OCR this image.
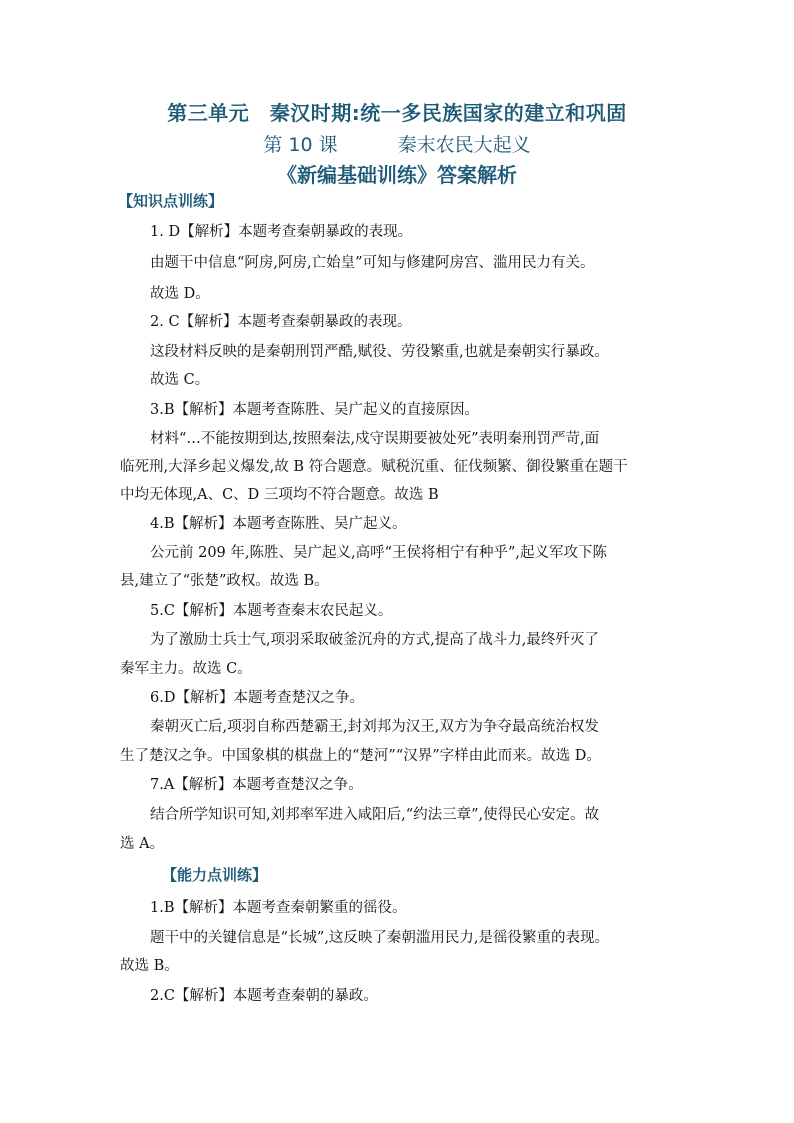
第三单元　秦汉时期:统一多民族国家的建立和巩固
第 10 课	秦末农民大起义
《新编基础训练》答案解析
【知识点训练】
1. D【解析】本题考查秦朝暴政的表现。
由题干中信息“阿房,阿房,亡始皇”可知与修建阿房宫、滥用民力有关。
故选 D。
2. C【解析】本题考查秦朝暴政的表现。
这段材料反映的是秦朝刑罚严酷,赋役、劳役繁重,也就是秦朝实行暴政。
故选 C。
3.B【解析】本题考查陈胜、吴广起义的直接原因。
材料“…不能按期到达,按照秦法,戍守误期要被处死”表明秦刑罚严苛,面
临死刑,大泽乡起义爆发,故 B 符合题意。赋税沉重、征伐频繁、御役繁重在题干
中均无体现,A、C、D 三项均不符合题意。故选 B
4.B【解析】本题考查陈胜、吴广起义。
公元前 209 年,陈胜、吴广起义,高呼“王侯将相宁有种乎”,起义军攻下陈
县,建立了“张楚”政权。故选 B。
5.C【解析】本题考查秦末农民起义。
为了激励士兵士气,项羽采取破釜沉舟的方式,提高了战斗力,最终歼灭了
秦军主力。故选 C。
6.D【解析】本题考查楚汉之争。
秦朝灭亡后,项羽自称西楚霸王,封刘邦为汉王,双方为争夺最高统治权发
生了楚汉之争。中国象棋的棋盘上的“楚河”“汉界”字样由此而来。故选 D。
7.A【解析】本题考查楚汉之争。
结合所学知识可知,刘邦率军进入咸阳后,“约法三章”,使得民心安定。故
选 A。
【能力点训练】
1.B【解析】本题考查秦朝繁重的徭役。
题干中的关键信息是“长城”,这反映了秦朝滥用民力,是徭役繁重的表现。
故选 B。
2.C【解析】本题考查秦朝的暴政。
